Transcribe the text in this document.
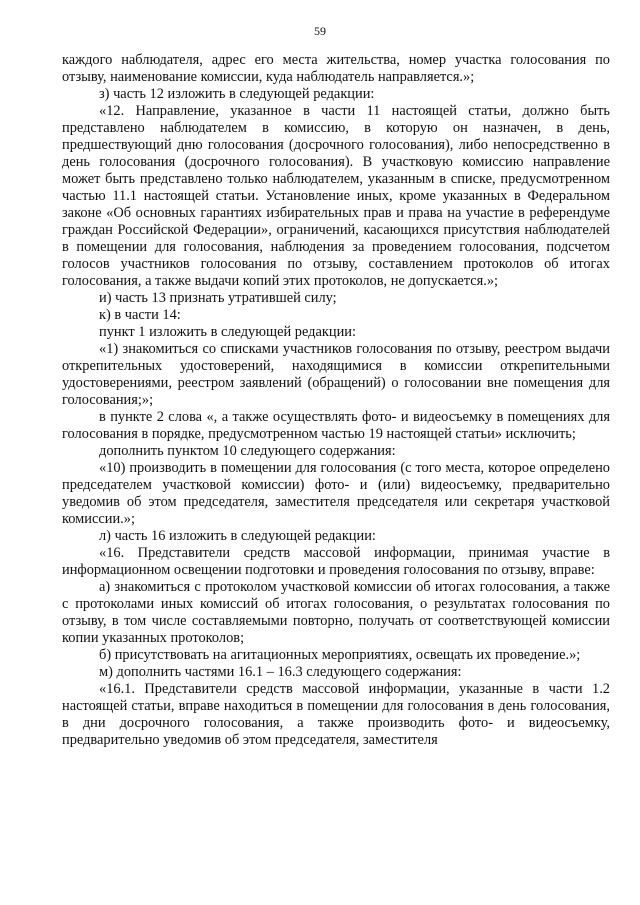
59

каждого наблюдателя, адрес его места жительства, номер участка голосования по отзыву, наименование комиссии, куда наблюдатель направляется.»;

з) часть 12 изложить в следующей редакции:

«12. Направление, указанное в части 11 настоящей статьи, должно быть представлено наблюдателем в комиссию, в которую он назначен, в день, предшествующий дню голосования (досрочного голосования), либо непосредственно в день голосования (досрочного голосования). В участковую комиссию направление может быть представлено только наблюдателем, указанным в списке, предусмотренном частью 11.1 настоящей статьи. Установление иных, кроме указанных в Федеральном законе «Об основных гарантиях избирательных прав и права на участие в референдуме граждан Российской Федерации», ограничений, касающихся присутствия наблюдателей в помещении для голосования, наблюдения за проведением голосования, подсчетом голосов участников голосования по отзыву, составлением протоколов об итогах голосования, а также выдачи копий этих протоколов, не допускается.»;

и) часть 13 признать утратившей силу;

к) в части 14:

пункт 1 изложить в следующей редакции:

«1) знакомиться со списками участников голосования по отзыву, реестром выдачи открепительных удостоверений, находящимися в комиссии открепительными удостоверениями, реестром заявлений (обращений) о голосовании вне помещения для голосования;»;

в пункте 2 слова «, а также осуществлять фото- и видеосъемку в помещениях для голосования в порядке, предусмотренном частью 19 настоящей статьи» исключить;

дополнить пунктом 10 следующего содержания:

«10) производить в помещении для голосования (с того места, которое определено председателем участковой комиссии) фото- и (или) видеосъемку, предварительно уведомив об этом председателя, заместителя председателя или секретаря участковой комиссии.»;

л) часть 16 изложить в следующей редакции:

«16. Представители средств массовой информации, принимая участие в информационном освещении подготовки и проведения голосования по отзыву, вправе:

а) знакомиться с протоколом участковой комиссии об итогах голосования, а также с протоколами иных комиссий об итогах голосования, о результатах голосования по отзыву, в том числе составляемыми повторно, получать от соответствующей комиссии копии указанных протоколов;

б) присутствовать на агитационных мероприятиях, освещать их проведение.»;

м) дополнить частями 16.1 – 16.3 следующего содержания:

«16.1. Представители средств массовой информации, указанные в части 1.2 настоящей статьи, вправе находиться в помещении для голосования в день голосования, в дни досрочного голосования, а также производить фото- и видеосъемку, предварительно уведомив об этом председателя, заместителя
